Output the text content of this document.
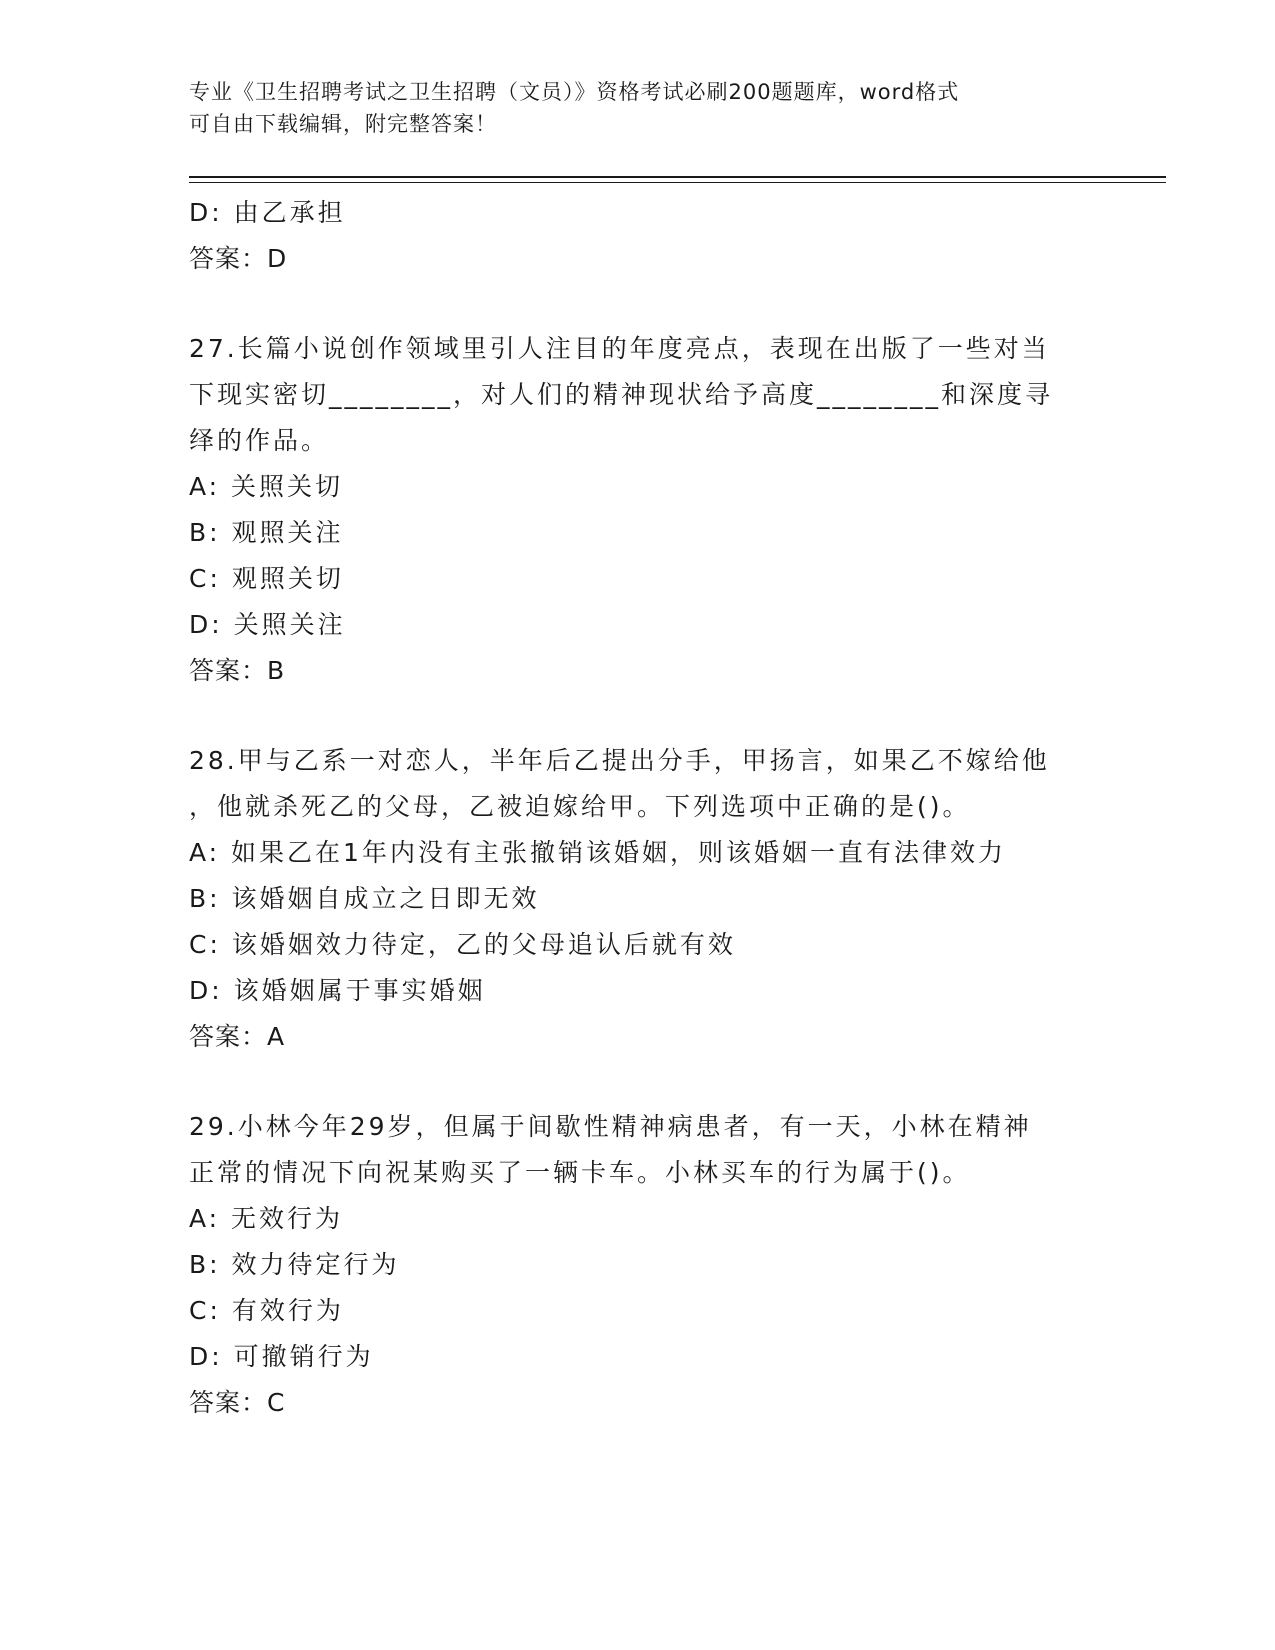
专业《卫生招聘考试之卫生招聘（文员）》资格考试必刷200题题库，word格式
可自由下载编辑，附完整答案！
D: 由乙承担
答案：D
27.长篇小说创作领域里引人注目的年度亮点，表现在出版了一些对当
下现实密切________，对人们的精神现状给予高度________和深度寻
绎的作品。
A: 关照关切
B: 观照关注
C: 观照关切
D: 关照关注
答案：B
28.甲与乙系一对恋人，半年后乙提出分手，甲扬言，如果乙不嫁给他
，他就杀死乙的父母，乙被迫嫁给甲。下列选项中正确的是()。
A: 如果乙在1年内没有主张撤销该婚姻，则该婚姻一直有法律效力
B: 该婚姻自成立之日即无效
C: 该婚姻效力待定，乙的父母追认后就有效
D: 该婚姻属于事实婚姻
答案：A
29.小林今年29岁，但属于间歇性精神病患者，有一天，小林在精神
正常的情况下向祝某购买了一辆卡车。小林买车的行为属于()。
A: 无效行为
B: 效力待定行为
C: 有效行为
D: 可撤销行为
答案：C
